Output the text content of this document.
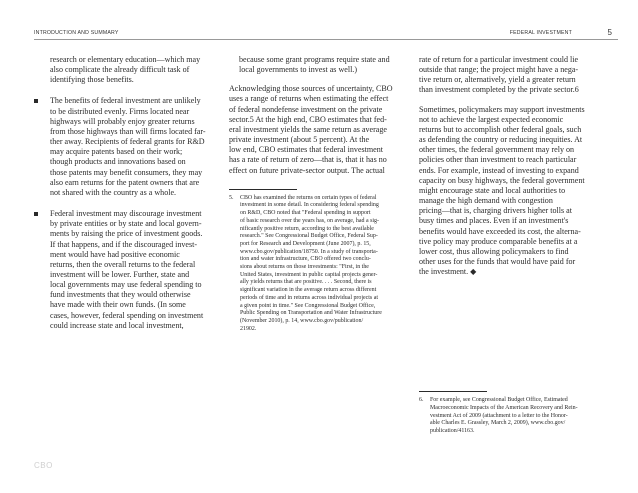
INTRODUCTION AND SUMMARY	FEDERAL INVESTMENT	5

research or elementary education—which may
also complicate the already difficult task of
identifying those benefits.

The benefits of federal investment are unlikely
to be distributed evenly. Firms located near
highways will probably enjoy greater returns
from those highways than will firms located far-
ther away. Recipients of federal grants for R&D
may acquire patents based on their work;
though products and innovations based on
those patents may benefit consumers, they may
also earn returns for the patent owners that are
not shared with the country as a whole.

Federal investment may discourage investment
by private entities or by state and local govern-
ments by raising the price of investment goods.
If that happens, and if the discouraged invest-
ment would have had positive economic
returns, then the overall returns to the federal
investment will be lower. Further, state and
local governments may use federal spending to
fund investments that they would otherwise
have made with their own funds. (In some
cases, however, federal spending on investment
could increase state and local investment,

because some grant programs require state and
local governments to invest as well.)

Acknowledging those sources of uncertainty, CBO
uses a range of returns when estimating the effect
of federal nondefense investment on the private
sector.5 At the high end, CBO estimates that fed-
eral investment yields the same return as average
private investment (about 5 percent). At the
low end, CBO estimates that federal investment
has a rate of return of zero—that is, that it has no
effect on future private-sector output. The actual

5. CBO has examined the returns on certain types of federal
investment in some detail. In considering federal spending
on R&D, CBO noted that "Federal spending in support
of basic research over the years has, on average, had a sig-
nificantly positive return, according to the best available
research." See Congressional Budget Office, Federal Sup-
port for Research and Development (June 2007), p. 15,
www.cbo.gov/publication/18750. In a study of transporta-
tion and water infrastructure, CBO offered two conclu-
sions about returns on those investments: "First, in the
United States, investment in public capital projects gener-
ally yields returns that are positive. . . . Second, there is
significant variation in the average return across different
periods of time and in returns across individual projects at
a given point in time." See Congressional Budget Office,
Public Spending on Transportation and Water Infrastructure
(November 2010), p. 14, www.cbo.gov/publication/
21902.

rate of return for a particular investment could lie
outside that range; the project might have a nega-
tive return or, alternatively, yield a greater return
than investment completed by the private sector.6

Sometimes, policymakers may support investments
not to achieve the largest expected economic
returns but to accomplish other federal goals, such
as defending the country or reducing inequities. At
other times, the federal government may rely on
policies other than investment to reach particular
ends. For example, instead of investing to expand
capacity on busy highways, the federal government
might encourage state and local authorities to
manage the high demand with congestion
pricing—that is, charging drivers higher tolls at
busy times and places. Even if an investment's
benefits would have exceeded its cost, the alterna-
tive policy may produce comparable benefits at a
lower cost, thus allowing policymakers to find
other uses for the funds that would have paid for
the investment. ◆

6. For example, see Congressional Budget Office, Estimated
Macroeconomic Impacts of the American Recovery and Rein-
vestment Act of 2009 (attachment to a letter to the Honor-
able Charles E. Grassley, March 2, 2009), www.cbo.gov/
publication/41163.
CBO
